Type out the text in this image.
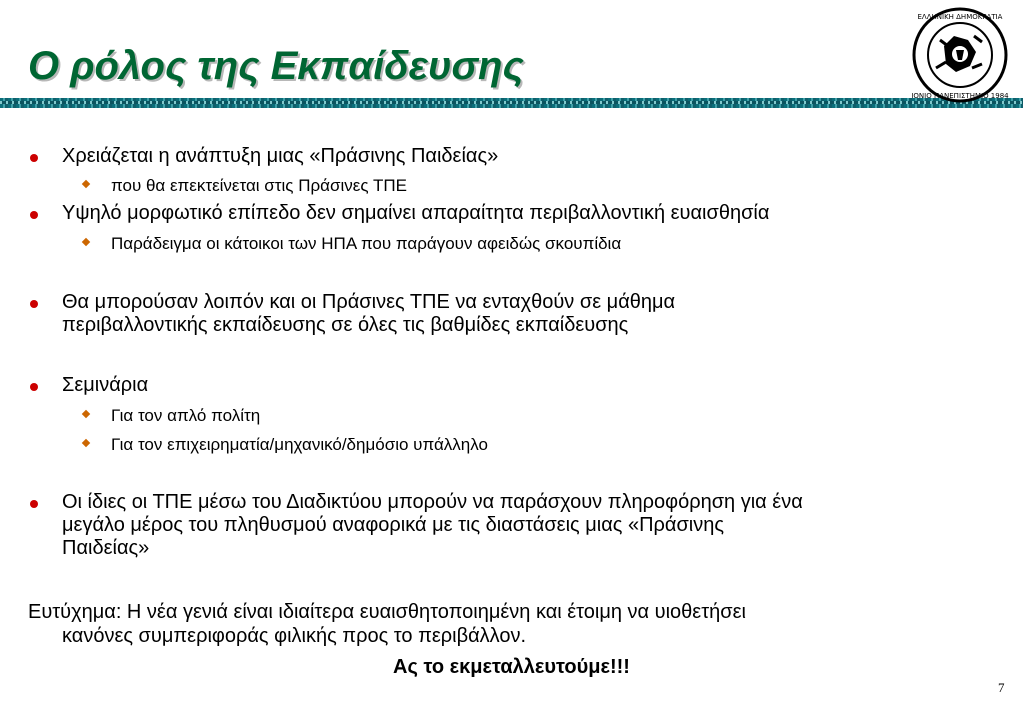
Ο ρόλος της Εκπαίδευσης
ΕΛΛΗΝΙΚΗ ΔΗΜΟΚΡΑΤΙΑ
ΙΟΝΙΟ ΠΑΝΕΠΙΣΤΗΜΙΟ 1984
Χρειάζεται η ανάπτυξη μιας «Πράσινης Παιδείας»
που θα επεκτείνεται στις Πράσινες ΤΠΕ
Υψηλό μορφωτικό επίπεδο δεν σημαίνει απαραίτητα περιβαλλοντική ευαισθησία
Παράδειγμα οι κάτοικοι των ΗΠΑ που παράγουν αφειδώς σκουπίδια
Θα μπορούσαν λοιπόν και οι Πράσινες ΤΠΕ να ενταχθούν σε μάθημα
περιβαλλοντικής εκπαίδευσης σε όλες τις βαθμίδες εκπαίδευσης
Σεμινάρια
Για τον απλό πολίτη
Για τον επιχειρηματία/μηχανικό/δημόσιο υπάλληλο
Οι ίδιες οι ΤΠΕ μέσω του Διαδικτύου μπορούν να παράσχουν πληροφόρηση για ένα
μεγάλο μέρος του πληθυσμού αναφορικά με τις διαστάσεις μιας «Πράσινης
Παιδείας»
Ευτύχημα: Η νέα γενιά είναι ιδιαίτερα ευαισθητοποιημένη και έτοιμη να υιοθετήσει
κανόνες συμπεριφοράς φιλικής προς το περιβάλλον.
Ας το εκμεταλλευτούμε!!!
7
